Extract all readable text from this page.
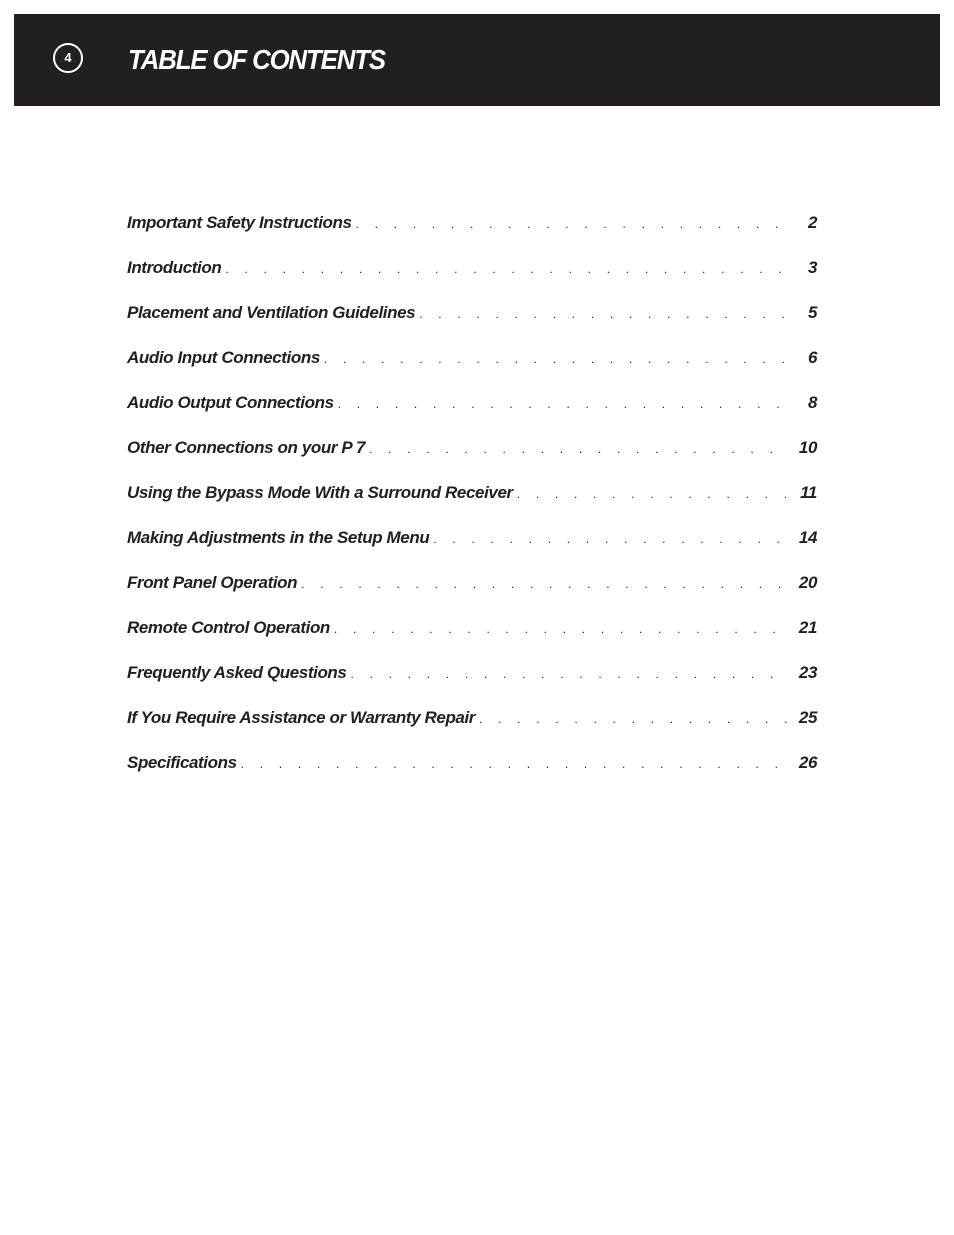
4	TABLE OF CONTENTS
Important Safety Instructions . . .	2
Introduction . . .	3
Placement and Ventilation Guidelines . . .	5
Audio Input Connections . . .	6
Audio Output Connections . . .	8
Other Connections on your P 7 . . .	10
Using the Bypass Mode With a Surround Receiver . . .	11
Making Adjustments in the Setup Menu . . .	14
Front Panel Operation . . .	20
Remote Control Operation . . .	21
Frequently Asked Questions . . .	23
If You Require Assistance or Warranty Repair . . .	25
Specifications . . .	26
